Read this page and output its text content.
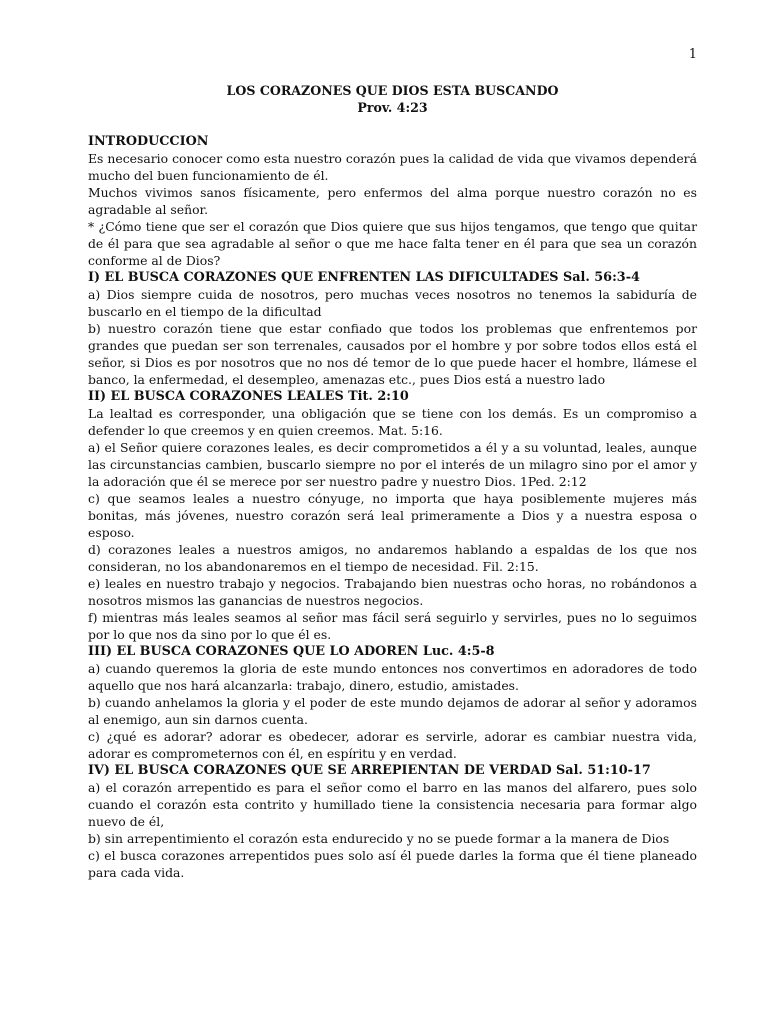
1
LOS CORAZONES QUE DIOS ESTA BUSCANDO
Prov. 4:23
INTRODUCCION

Es necesario conocer como esta nuestro corazón pues la calidad de vida que vivamos dependerá mucho del buen funcionamiento de él.

Muchos vivimos sanos físicamente, pero enfermos del alma porque nuestro corazón no es agradable al señor.

* ¿Cómo tiene que ser el corazón que Dios quiere que sus hijos tengamos, que tengo que quitar de él para que sea agradable al señor o que me hace falta tener en él para que sea un corazón conforme al de Dios?

I) EL BUSCA CORAZONES QUE ENFRENTEN LAS DIFICULTADES Sal. 56:3-4

a) Dios siempre cuida de nosotros, pero muchas veces nosotros no tenemos la sabiduría de buscarlo en el tiempo de la dificultad

b) nuestro corazón tiene que estar confiado que todos los problemas que enfrentemos por grandes que puedan ser son terrenales, causados por el hombre y por sobre todos ellos está el señor, si Dios es por nosotros que no nos dé temor de lo que puede hacer el hombre, llámese el banco, la enfermedad, el desempleo, amenazas etc., pues Dios está a nuestro lado

II) EL BUSCA CORAZONES LEALES Tit. 2:10

La lealtad es corresponder, una obligación que se tiene con los demás. Es un compromiso a defender lo que creemos y en quien creemos. Mat. 5:16.

a) el Señor quiere corazones leales, es decir comprometidos a él y a su voluntad, leales, aunque las circunstancias cambien, buscarlo siempre no por el interés de un milagro sino por el amor y la adoración que él se merece por ser nuestro padre y nuestro Dios. 1Ped. 2:12

c) que seamos leales a nuestro cónyuge, no importa que haya posiblemente mujeres más bonitas, más jóvenes, nuestro corazón será leal primeramente a Dios y a nuestra esposa o esposo.

d) corazones leales a nuestros amigos, no andaremos hablando a espaldas de los que nos consideran, no los abandonaremos en el tiempo de necesidad. Fil. 2:15.

e) leales en nuestro trabajo y negocios. Trabajando bien nuestras ocho horas, no robándonos a nosotros mismos las ganancias de nuestros negocios.

f) mientras más leales seamos al señor mas fácil será seguirlo y servirles, pues no lo seguimos por lo que nos da sino por lo que él es.

III) EL BUSCA CORAZONES QUE LO ADOREN Luc. 4:5-8

a) cuando queremos la gloria de este mundo entonces nos convertimos en adoradores de todo aquello que nos hará alcanzarla: trabajo, dinero, estudio, amistades.

b) cuando anhelamos la gloria y el poder de este mundo dejamos de adorar al señor y adoramos al enemigo, aun sin darnos cuenta.

c) ¿qué es adorar? adorar es obedecer, adorar es servirle, adorar es cambiar nuestra vida, adorar es comprometernos con él, en espíritu y en verdad.

IV) EL BUSCA CORAZONES QUE SE ARREPIENTAN DE VERDAD Sal. 51:10-17

a) el corazón arrepentido es para el señor como el barro en las manos del alfarero, pues solo cuando el corazón esta contrito y humillado tiene la consistencia necesaria para formar algo nuevo de él,

b) sin arrepentimiento el corazón esta endurecido y no se puede formar a la manera de Dios

c) el busca corazones arrepentidos pues solo así él puede darles la forma que él tiene planeado para cada vida.
